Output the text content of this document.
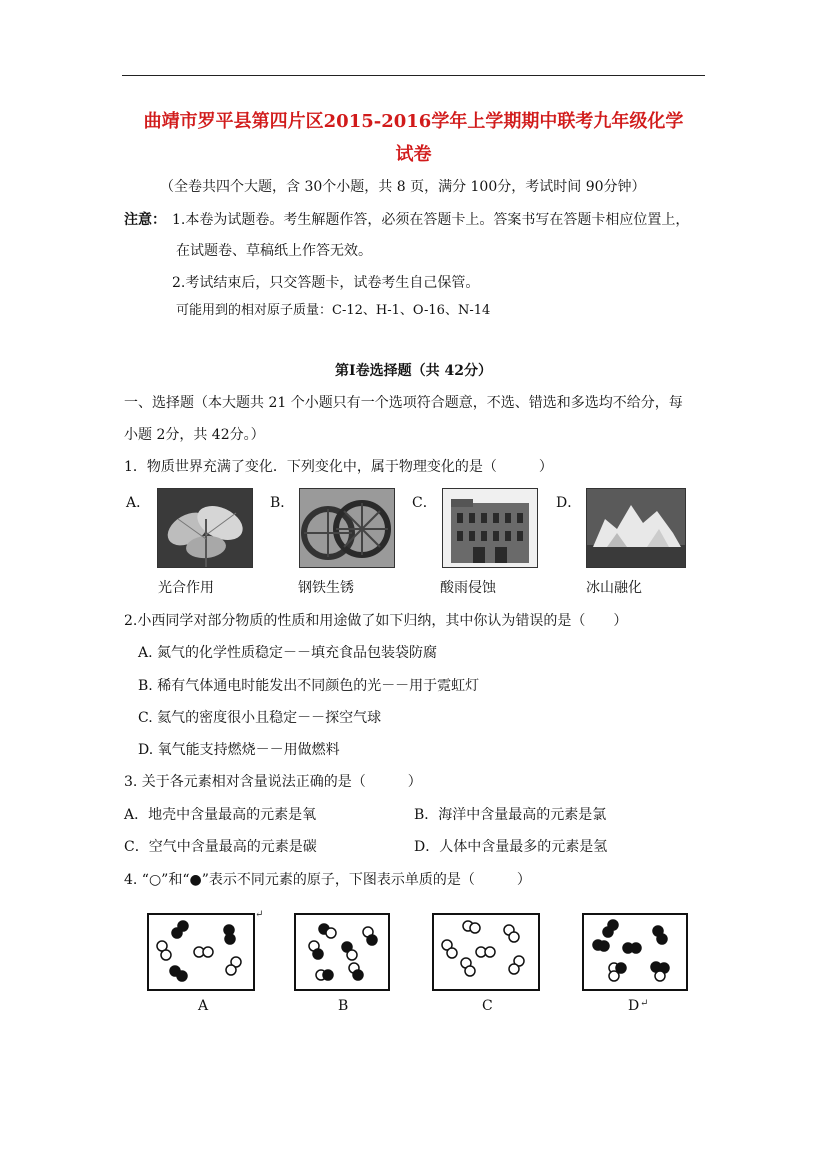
曲靖市罗平县第四片区2015-2016学年上学期期中联考九年级化学
试卷
（全卷共四个大题，含 30个小题，共 8 页，满分 100分，考试时间 90分钟）
注意： 1.本卷为试题卷。考生解题作答，必须在答题卡上。答案书写在答题卡相应位置上，
在试题卷、草稿纸上作答无效。
2.考试结束后，只交答题卡，试卷考生自己保管。
可能用到的相对原子质量：C-12、H-1、O-16、N-14
第Ⅰ卷选择题（共 42分）
一、选择题（本大题共 21 个小题只有一个选项符合题意，不选、错选和多选均不给分，每
小题 2分，共 42分。）
1．物质世界充满了变化．下列变化中，属于物理变化的是（　　　）
A．
光合作用
B．
钢铁生锈
C．
酸雨侵蚀
D．
冰山融化
2.小西同学对部分物质的性质和用途做了如下归纳，其中你认为错误的是（　　）
A. 氮气的化学性质稳定－－填充食品包装袋防腐
B. 稀有气体通电时能发出不同颜色的光－－用于霓虹灯
C. 氦气的密度很小且稳定－－探空气球
D. 氧气能支持燃烧－－用做燃料
3. 关于各元素相对含量说法正确的是（　　　）
A．地壳中含量最高的元素是氧	B．海洋中含量最高的元素是氯
C．空气中含量最高的元素是碳	D．人体中含量最多的元素是氢
4. “○”和“●”表示不同元素的原子，下图表示单质的是（　　　）
↵
A	B	C	D ↵
